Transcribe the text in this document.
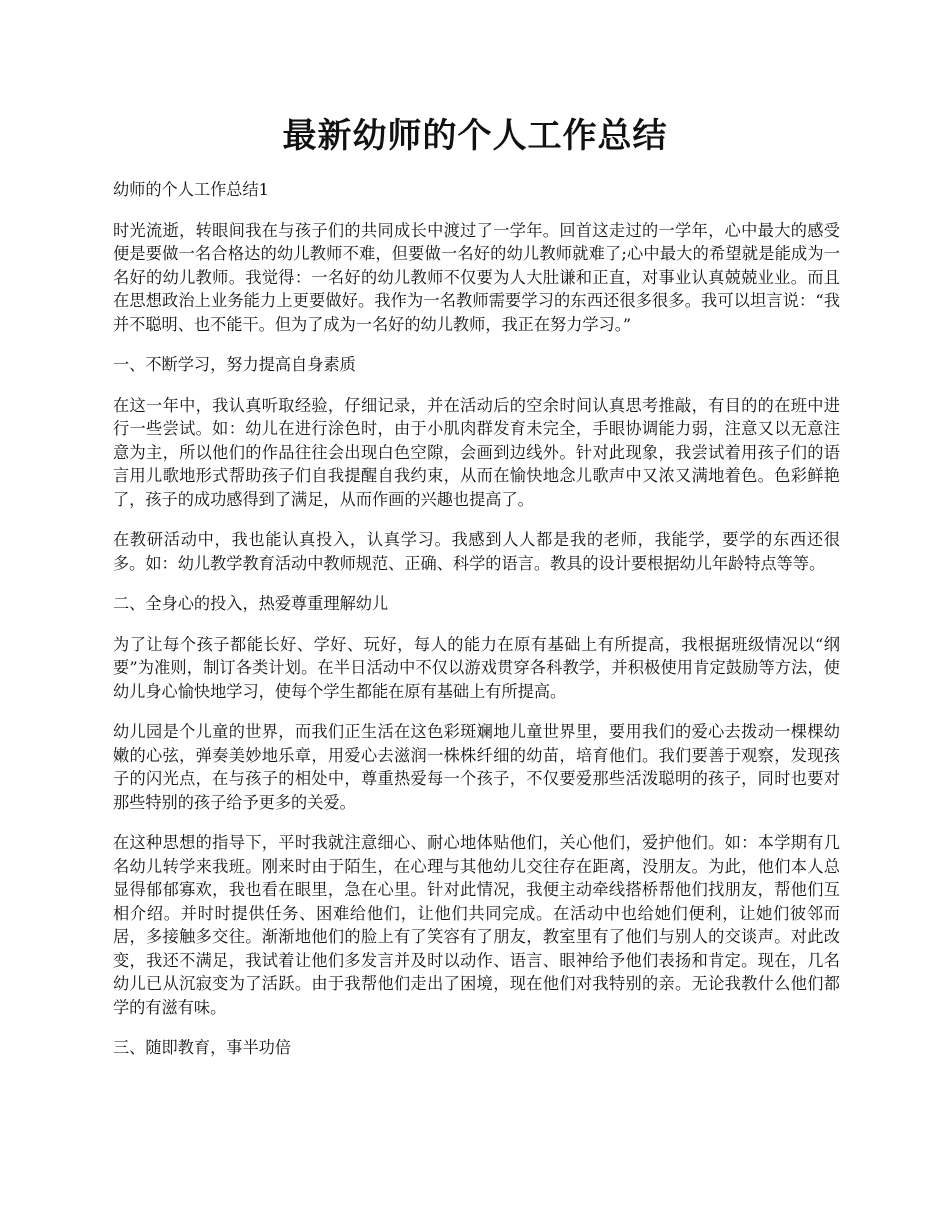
最新幼师的个人工作总结

幼师的个人工作总结1

时光流逝，转眼间我在与孩子们的共同成长中渡过了一学年。回首这走过的一学年，心中最大的感受便是要做一名合格达的幼儿教师不难，但要做一名好的幼儿教师就难了;心中最大的希望就是能成为一名好的幼儿教师。我觉得：一名好的幼儿教师不仅要为人大肚谦和正直，对事业认真兢兢业业。而且在思想政治上业务能力上更要做好。我作为一名教师需要学习的东西还很多很多。我可以坦言说：“我并不聪明、也不能干。但为了成为一名好的幼儿教师，我正在努力学习。”

一、不断学习，努力提高自身素质

在这一年中，我认真听取经验，仔细记录，并在活动后的空余时间认真思考推敲，有目的的在班中进行一些尝试。如：幼儿在进行涂色时，由于小肌肉群发育未完全，手眼协调能力弱，注意又以无意注意为主，所以他们的作品往往会出现白色空隙，会画到边线外。针对此现象，我尝试着用孩子们的语言用儿歌地形式帮助孩子们自我提醒自我约束，从而在愉快地念儿歌声中又浓又满地着色。色彩鲜艳了，孩子的成功感得到了满足，从而作画的兴趣也提高了。

在教研活动中，我也能认真投入，认真学习。我感到人人都是我的老师，我能学，要学的东西还很多。如：幼儿教学教育活动中教师规范、正确、科学的语言。教具的设计要根据幼儿年龄特点等等。

二、全身心的投入，热爱尊重理解幼儿

为了让每个孩子都能长好、学好、玩好，每人的能力在原有基础上有所提高，我根据班级情况以“纲要”为准则，制订各类计划。在半日活动中不仅以游戏贯穿各科教学，并积极使用肯定鼓励等方法，使幼儿身心愉快地学习，使每个学生都能在原有基础上有所提高。

幼儿园是个儿童的世界，而我们正生活在这色彩斑斓地儿童世界里，要用我们的爱心去拨动一棵棵幼嫩的心弦，弹奏美妙地乐章，用爱心去滋润一株株纤细的幼苗，培育他们。我们要善于观察，发现孩子的闪光点，在与孩子的相处中，尊重热爱每一个孩子，不仅要爱那些活泼聪明的孩子，同时也要对那些特别的孩子给予更多的关爱。

在这种思想的指导下，平时我就注意细心、耐心地体贴他们，关心他们，爱护他们。如：本学期有几名幼儿转学来我班。刚来时由于陌生，在心理与其他幼儿交往存在距离，没朋友。为此，他们本人总显得郁郁寡欢，我也看在眼里，急在心里。针对此情况，我便主动牵线搭桥帮他们找朋友，帮他们互相介绍。并时时提供任务、困难给他们，让他们共同完成。在活动中也给她们便利，让她们彼邻而居，多接触多交往。渐渐地他们的脸上有了笑容有了朋友，教室里有了他们与别人的交谈声。对此改变，我还不满足，我试着让他们多发言并及时以动作、语言、眼神给予他们表扬和肯定。现在，几名幼儿已从沉寂变为了活跃。由于我帮他们走出了困境，现在他们对我特别的亲。无论我教什么他们都学的有滋有味。

三、随即教育，事半功倍
